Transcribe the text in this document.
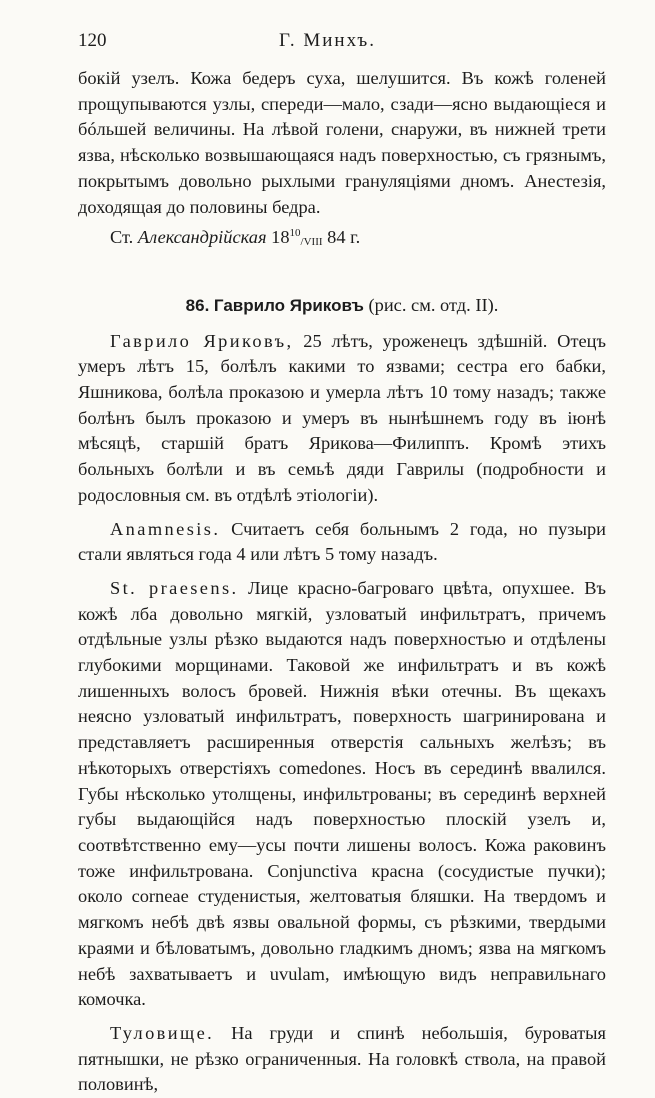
120	Г. Минхъ.

бокій узелъ. Кожа бедеръ суха, шелушится. Въ кожѣ голеней прощупываются узлы, спереди—мало, сзади—ясно выдающіеся и бóльшей величины. На лѣвой голени, снаружи, въ нижней трети язва, нѣсколько возвышающаяся надъ поверхностью, съ грязнымъ, покрытымъ довольно рыхлыми грануляціями дномъ. Анестезія, доходящая до половины бедра.

Ст. Александрійская $18^{10}$/VIII 84 г.

86. Гаврило Яриковъ (рис. см. отд. II).

Гаврило Яриковъ, 25 лѣтъ, уроженецъ здѣшній. Отецъ умеръ лѣтъ 15, болѣлъ какими то язвами; сестра его бабки, Яшникова, болѣла проказою и умерла лѣтъ 10 тому назадъ; также болѣнъ былъ проказою и умеръ въ нынѣшнемъ году въ іюнѣ мѣсяцѣ, старшій братъ Ярикова—Филиппъ. Кромѣ этихъ больныхъ болѣли и въ семьѣ дяди Гаврилы (подробности и родословныя см. въ отдѣлѣ этіологіи).

Anamnesis. Считаетъ себя больнымъ 2 года, но пузыри стали являться года 4 или лѣтъ 5 тому назадъ.

St. praesens. Лице красно-багроваго цвѣта, опухшее. Въ кожѣ лба довольно мягкій, узловатый инфильтратъ, причемъ отдѣльные узлы рѣзко выдаются надъ поверхностью и отдѣлены глубокими морщинами. Таковой же инфильтратъ и въ кожѣ лишенныхъ волосъ бровей. Нижнія вѣки отечны. Въ щекахъ неясно узловатый инфильтратъ, поверхность шагринирована и представляетъ расширенныя отверстія сальныхъ желѣзъ; въ нѣкоторыхъ отверстіяхъ comedones. Носъ въ серединѣ ввалился. Губы нѣсколько утолщены, инфильтрованы; въ серединѣ верхней губы выдающійся надъ поверхностью плоскій узелъ и, соотвѣтственно ему—усы почти лишены волосъ. Кожа раковинъ тоже инфильтрована. Conjunctiva красна (сосудистые пучки); около corneae студенистыя, желтоватыя бляшки. На твердомъ и мягкомъ небѣ двѣ язвы овальной формы, съ рѣзкими, твердыми краями и бѣловатымъ, довольно гладкимъ дномъ; язва на мягкомъ небѣ захватываетъ и uvulam, имѣющую видъ неправильнаго комочка.

Туловище. На груди и спинѣ небольшія, буроватыя пятнышки, не рѣзко ограниченныя. На головкѣ ствола, на правой половинѣ,
